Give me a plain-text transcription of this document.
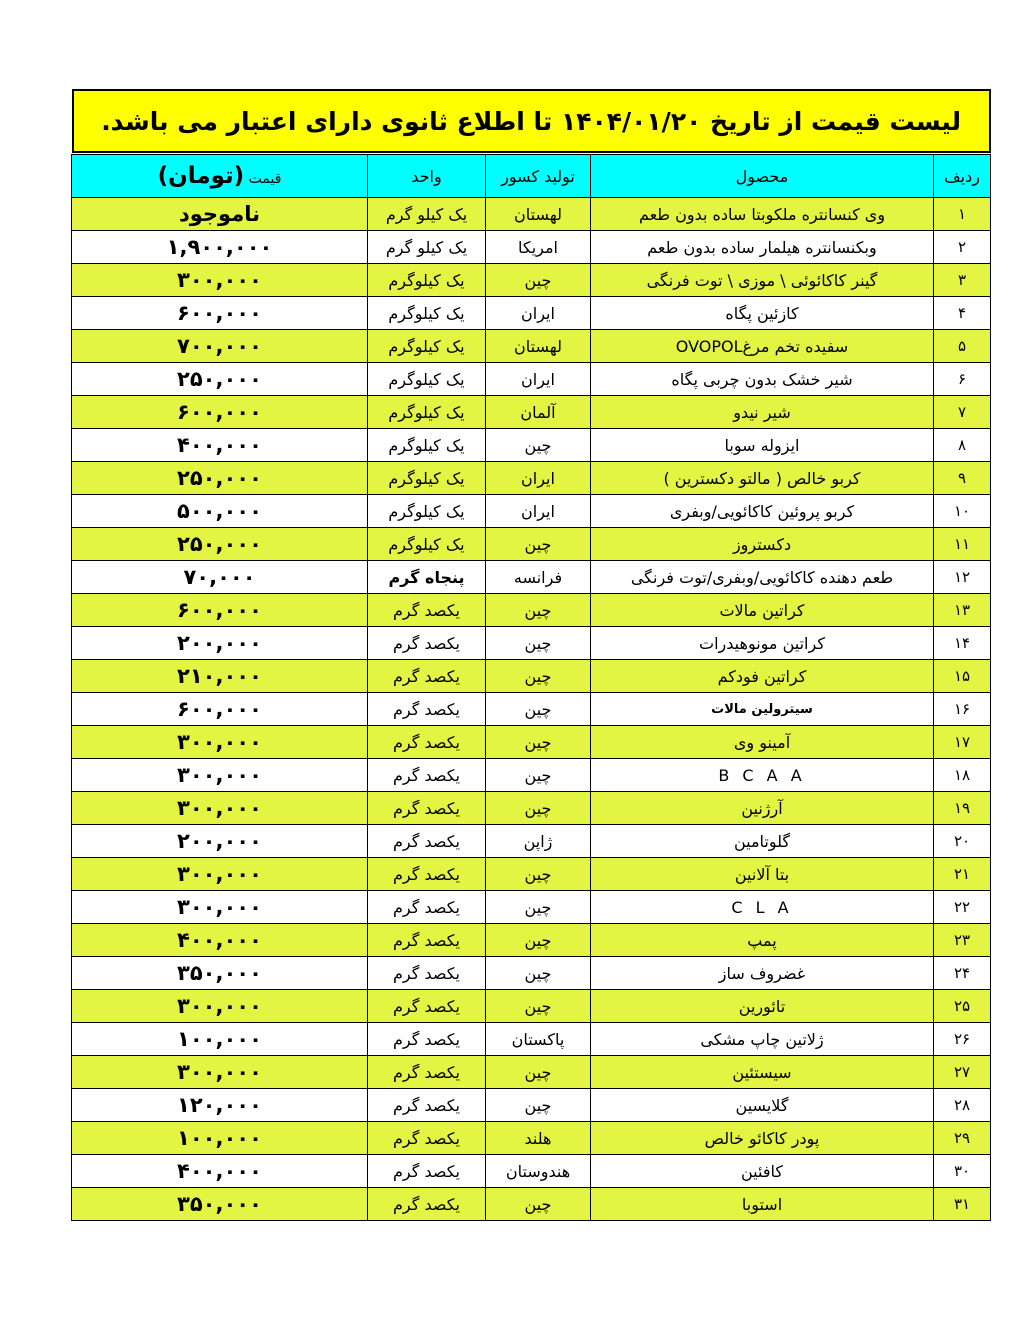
لیست قیمت از تاریخ ۱۴۰۴/۰۱/۲۰ تا اطلاع ثانوی دارای اعتبار می باشد.
ردیف	محصول	تولید کسور	واحد	قیمت (تومان)
۱	وی کنسانتره ملکوبتا ساده بدون طعم	لهستان	یک کیلو گرم	ناموجود
۲	وبکنسانتره هیلمار ساده بدون طعم	امریکا	یک کیلو گرم	۱,۹۰۰,۰۰۰
۳	گینر کاکائوئی \ موزی \ توت فرنگی	چین	یک کیلوگرم	۳۰۰,۰۰۰
۴	کازئین پگاه	ایران	یک کیلوگرم	۶۰۰,۰۰۰
۵	سفیده تخم مرغOVOPOL	لهستان	یک کیلوگرم	۷۰۰,۰۰۰
۶	شیر خشک بدون چربی پگاه	ایران	یک کیلوگرم	۲۵۰,۰۰۰
۷	شیر نیدو	آلمان	یک کیلوگرم	۶۰۰,۰۰۰
۸	ایزوله سوبا	چین	یک کیلوگرم	۴۰۰,۰۰۰
۹	کربو خالص ( مالتو دکسترین )	ایران	یک کیلوگرم	۲۵۰,۰۰۰
۱۰	کربو پروئین کاکائویی/وبفری	ایران	یک کیلوگرم	۵۰۰,۰۰۰
۱۱	دکستروز	چین	یک کیلوگرم	۲۵۰,۰۰۰
۱۲	طعم دهنده کاکائویی/وبفری/توت فرنگی	فرانسه	پنجاه گرم	۷۰,۰۰۰
۱۳	کراتین مالات	چین	یکصد گرم	۶۰۰,۰۰۰
۱۴	کراتین مونوهیدرات	چین	یکصد گرم	۲۰۰,۰۰۰
۱۵	کراتین فودکم	چین	یکصد گرم	۲۱۰,۰۰۰
۱۶	سیترولین مالات	چین	یکصد گرم	۶۰۰,۰۰۰
۱۷	آمینو وی	چین	یکصد گرم	۳۰۰,۰۰۰
۱۸	B C A A	چین	یکصد گرم	۳۰۰,۰۰۰
۱۹	آرژنین	چین	یکصد گرم	۳۰۰,۰۰۰
۲۰	گلوتامین	ژاپن	یکصد گرم	۲۰۰,۰۰۰
۲۱	بتا آلانین	چین	یکصد گرم	۳۰۰,۰۰۰
۲۲	C L A	چین	یکصد گرم	۳۰۰,۰۰۰
۲۳	پمپ	چین	یکصد گرم	۴۰۰,۰۰۰
۲۴	غضروف ساز	چین	یکصد گرم	۳۵۰,۰۰۰
۲۵	تائورین	چین	یکصد گرم	۳۰۰,۰۰۰
۲۶	ژلاتین چاپ مشکی	پاکستان	یکصد گرم	۱۰۰,۰۰۰
۲۷	سیستئین	چین	یکصد گرم	۳۰۰,۰۰۰
۲۸	گلایسین	چین	یکصد گرم	۱۲۰,۰۰۰
۲۹	پودر کاکائو خالص	هلند	یکصد گرم	۱۰۰,۰۰۰
۳۰	کافئین	هندوستان	یکصد گرم	۴۰۰,۰۰۰
۳۱	استوبا	چین	یکصد گرم	۳۵۰,۰۰۰
